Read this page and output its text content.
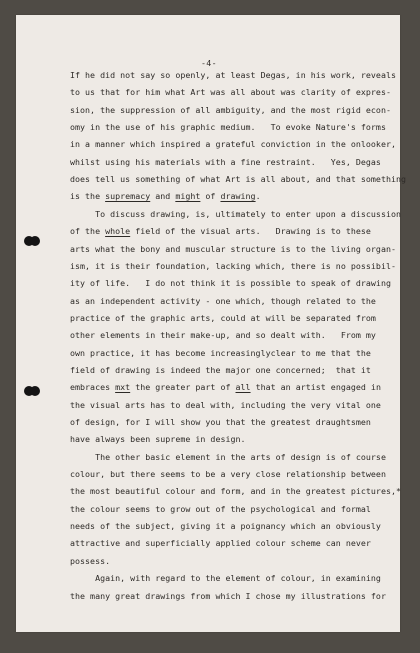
-4-
If he did not say so openly, at least Degas, in his work, reveals
to us that for him what Art was all about was clarity of expres-
sion, the suppression of all ambiguity, and the most rigid econ-
omy in the use of his graphic medium.   To evoke Nature's forms
in a manner which inspired a grateful conviction in the onlooker,
whilst using his materials with a fine restraint.   Yes, Degas
does tell us something of what Art is all about, and that something
is the supremacy and might of drawing.
To discuss drawing, is, ultimately to enter upon a discussion
of the whole field of the visual arts.   Drawing is to these
arts what the bony and muscular structure is to the living organ-
ism, it is their foundation, lacking which, there is no possibil-
ity of life.   I do not think it is possible to speak of drawing
as an independent activity - one which, though related to the
practice of the graphic arts, could at will be separated from
other elements in their make-up, and so dealt with.   From my
own practice, it has become increasinglyclear to me that the
field of drawing is indeed the major one concerned;  that it
embraces mxt the greater part of all that an artist engaged in
the visual arts has to deal with, including the very vital one
of design, for I will show you that the greatest draughtsmen
have always been supreme in design.
The other basic element in the arts of design is of course
colour, but there seems to be a very close relationship between
the most beautiful colour and form, and in the greatest pictures,*
the colour seems to grow out of the psychological and formal
needs of the subject, giving it a poignancy which an obviously
attractive and superficially applied colour scheme can never
possess.
Again, with regard to the element of colour, in examining
the many great drawings from which I chose my illustrations for
